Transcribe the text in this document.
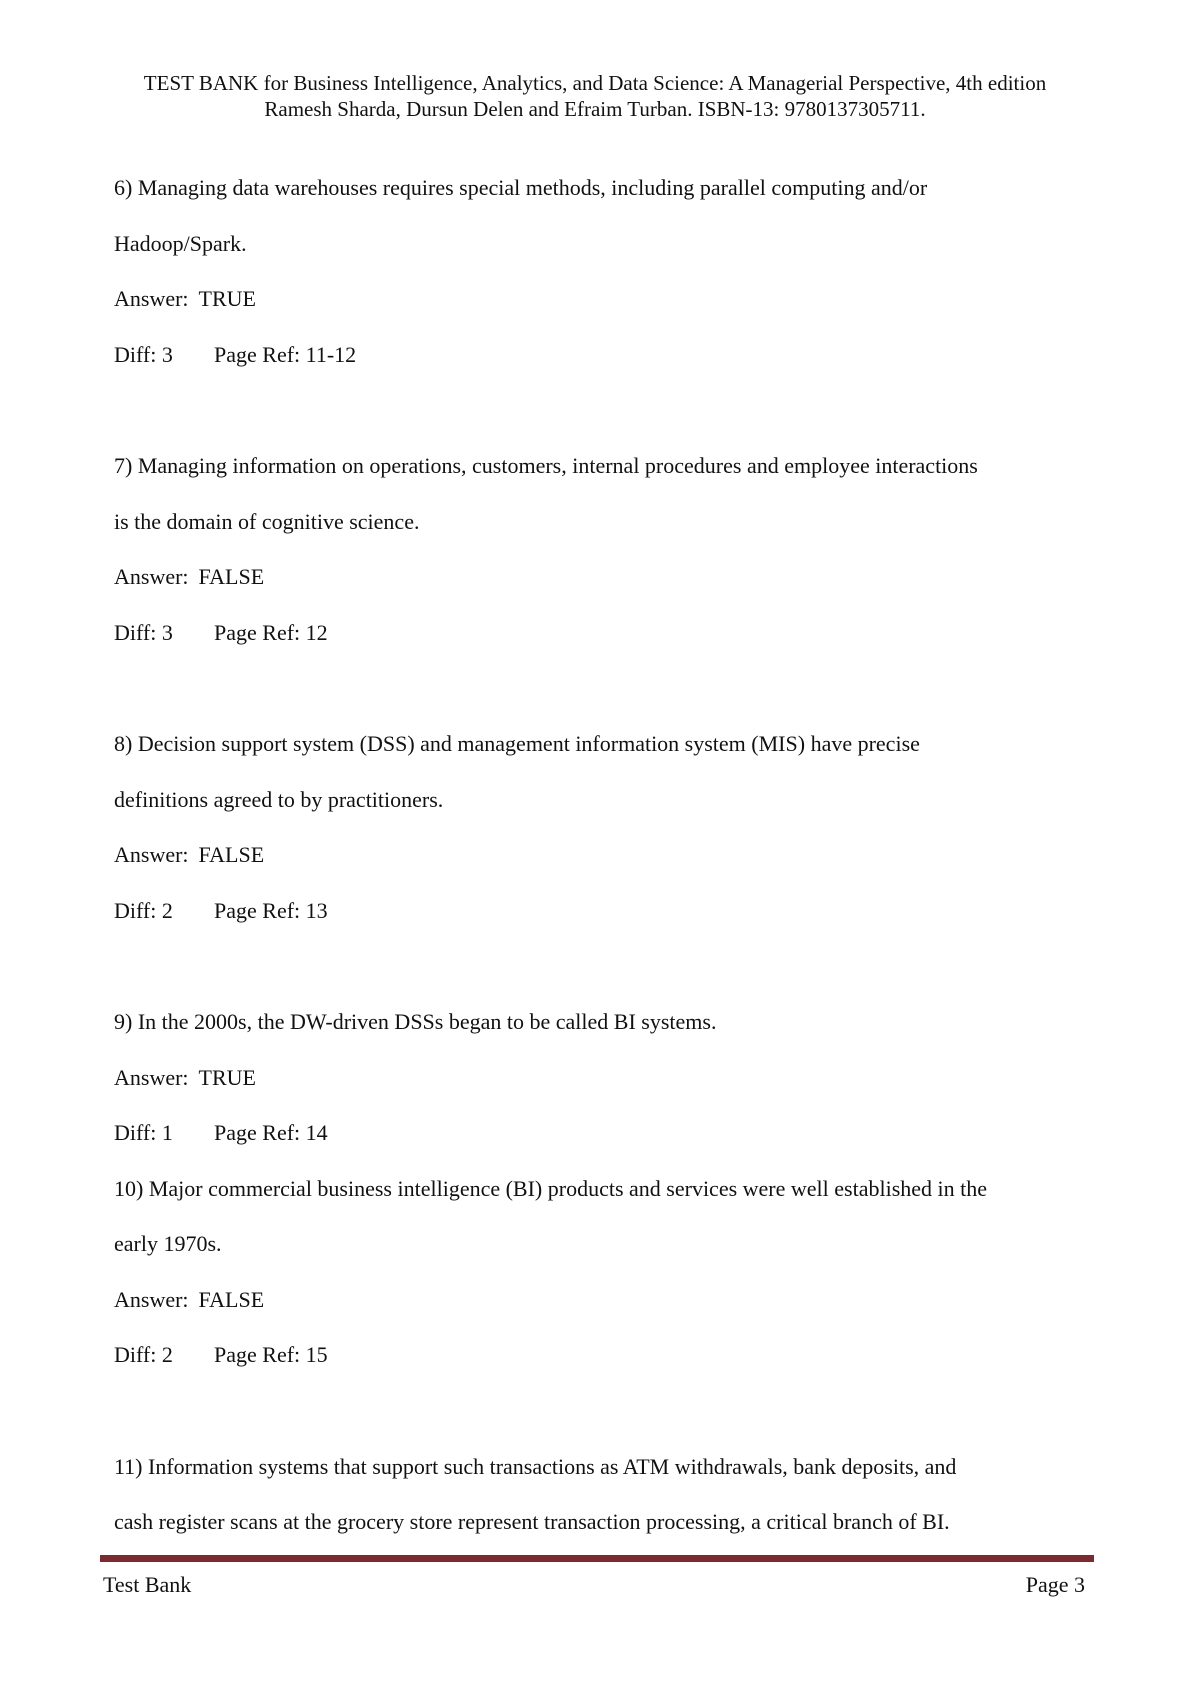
TEST BANK for Business Intelligence, Analytics, and Data Science: A Managerial Perspective, 4th edition
Ramesh Sharda, Dursun Delen and Efraim Turban. ISBN-13: 9780137305711.
6) Managing data warehouses requires special methods, including parallel computing and/or
Hadoop/Spark.
Answer: TRUE
Diff: 3	Page Ref: 11-12
7) Managing information on operations, customers, internal procedures and employee interactions
is the domain of cognitive science.
Answer: FALSE
Diff: 3	Page Ref: 12
8) Decision support system (DSS) and management information system (MIS) have precise
definitions agreed to by practitioners.
Answer: FALSE
Diff: 2	Page Ref: 13
9) In the 2000s, the DW-driven DSSs began to be called BI systems.
Answer: TRUE
Diff: 1	Page Ref: 14
10) Major commercial business intelligence (BI) products and services were well established in the
early 1970s.
Answer: FALSE
Diff: 2	Page Ref: 15
11) Information systems that support such transactions as ATM withdrawals, bank deposits, and
cash register scans at the grocery store represent transaction processing, a critical branch of BI.
Test Bank	Page 3
